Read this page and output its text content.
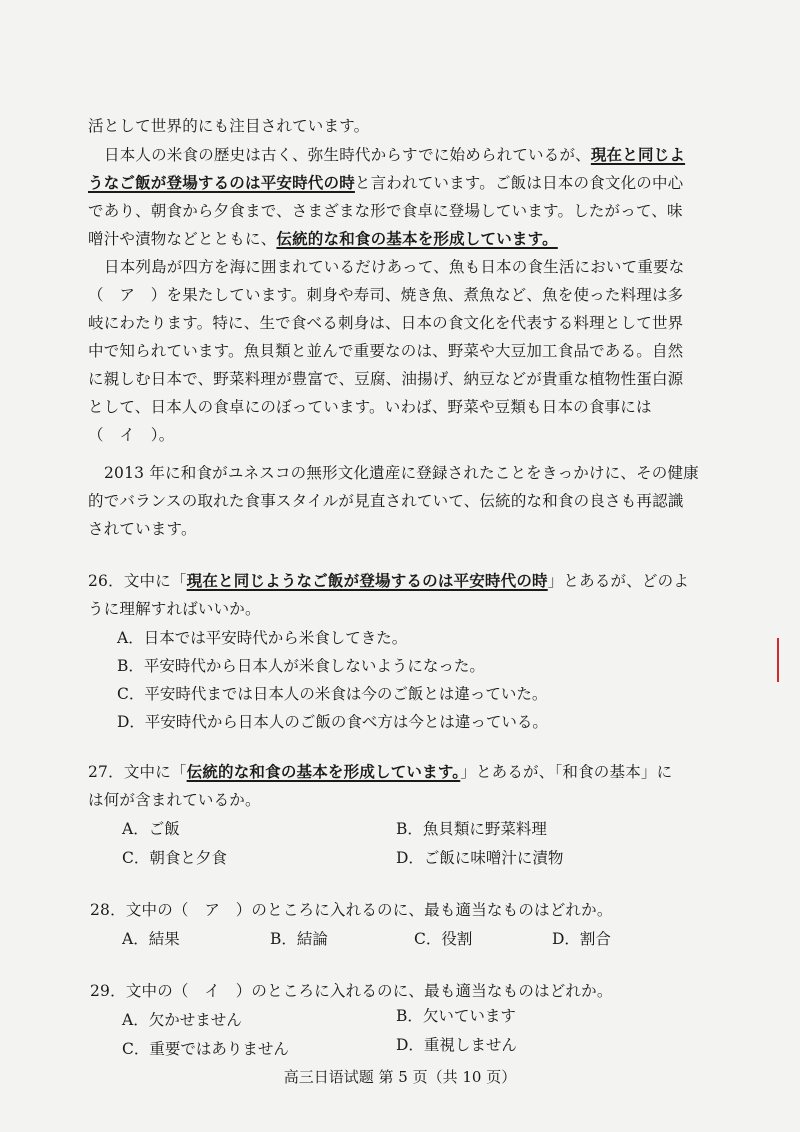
活として世界的にも注目されています。
日本人の米食の歴史は古く、弥生時代からすでに始められているが、現在と同じよ
うなご飯が登場するのは平安時代の時と言われています。ご飯は日本の食文化の中心
であり、朝食から夕食まで、さまざまな形で食卓に登場しています。したがって、味
噌汁や漬物などとともに、伝統的な和食の基本を形成しています。
日本列島が四方を海に囲まれているだけあって、魚も日本の食生活において重要な
（　ア　）を果たしています。刺身や寿司、焼き魚、煮魚など、魚を使った料理は多
岐にわたります。特に、生で食べる刺身は、日本の食文化を代表する料理として世界
中で知られています。魚貝類と並んで重要なのは、野菜や大豆加工食品である。自然
に親しむ日本で、野菜料理が豊富で、豆腐、油揚げ、納豆などが貴重な植物性蛋白源
として、日本人の食卓にのぼっています。いわば、野菜や豆類も日本の食事には
（　イ　）。
2013 年に和食がユネスコの無形文化遺産に登録されたことをきっかけに、その健康
的でバランスの取れた食事スタイルが見直されていて、伝統的な和食の良さも再認識
されています。
26．文中に「現在と同じようなご飯が登場するのは平安時代の時」とあるが、どのよ
うに理解すればいいか。
A．日本では平安時代から米食してきた。
B．平安時代から日本人が米食しないようになった。
C．平安時代までは日本人の米食は今のご飯とは違っていた。
D．平安時代から日本人のご飯の食べ方は今とは違っている。
27．文中に「伝統的な和食の基本を形成しています。」とあるが、「和食の基本」に
は何が含まれているか。
A．ご飯	B．魚貝類に野菜料理
C．朝食と夕食	D．ご飯に味噌汁に漬物
28．文中の（　ア　）のところに入れるのに、最も適当なものはどれか。
A．結果	B．結論	C．役割	D．割合
29．文中の（　イ　）のところに入れるのに、最も適当なものはどれか。
A．欠かせません	B．欠いています
C．重要ではありません	D．重視しません
高三日语试题 第 5 页（共 10 页）
